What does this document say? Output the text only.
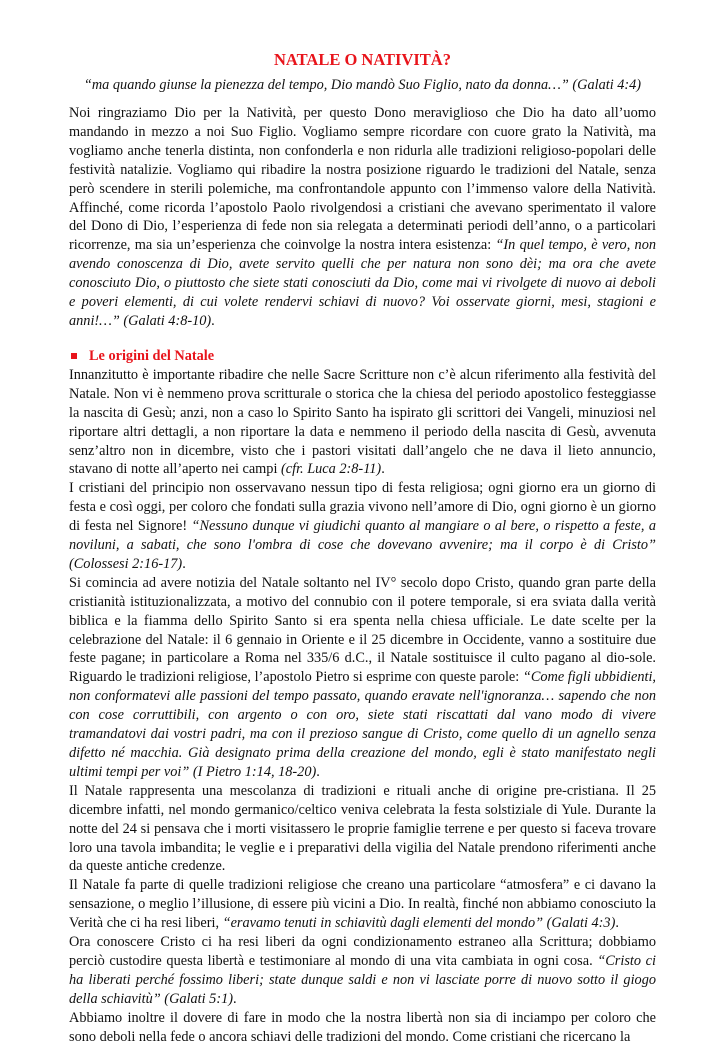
NATALE O NATIVITÀ?
“ma quando giunse la pienezza del tempo, Dio mandò Suo Figlio, nato da donna…” (Galati 4:4)

Noi ringraziamo Dio per la Natività, per questo Dono meraviglioso che Dio ha dato all’uomo mandando in mezzo a noi Suo Figlio. Vogliamo sempre ricordare con cuore grato la Natività, ma vogliamo anche tenerla distinta, non confonderla e non ridurla alle tradizioni religioso-popolari delle festività natalizie. Vogliamo qui ribadire la nostra posizione riguardo le tradizioni del Natale, senza però scendere in sterili polemiche, ma confrontandole appunto con l’immenso valore della Natività. Affinché, come ricorda l’apostolo Paolo rivolgendosi a cristiani che avevano sperimentato il valore del Dono di Dio, l’esperienza di fede non sia relegata a determinati periodi dell’anno, o a particolari ricorrenze, ma sia un’esperienza che coinvolge la nostra intera esistenza: “In quel tempo, è vero, non avendo conoscenza di Dio, avete servito quelli che per natura non sono dèi; ma ora che avete conosciuto Dio, o piuttosto che siete stati conosciuti da Dio, come mai vi rivolgete di nuovo ai deboli e poveri elementi, di cui volete rendervi schiavi di nuovo? Voi osservate giorni, mesi, stagioni e anni!…” (Galati 4:8-10).

Le origini del Natale

Innanzitutto è importante ribadire che nelle Sacre Scritture non c’è alcun riferimento alla festività del Natale. Non vi è nemmeno prova scritturale o storica che la chiesa del periodo apostolico festeggiasse la nascita di Gesù; anzi, non a caso lo Spirito Santo ha ispirato gli scrittori dei Vangeli, minuziosi nel riportare altri dettagli, a non riportare la data e nemmeno il periodo della nascita di Gesù, avvenuta senz’altro non in dicembre, visto che i pastori visitati dall’angelo che ne dava il lieto annuncio, stavano di notte all’aperto nei campi (cfr. Luca 2:8-11).

I cristiani del principio non osservavano nessun tipo di festa religiosa; ogni giorno era un giorno di festa e così oggi, per coloro che fondati sulla grazia vivono nell’amore di Dio, ogni giorno è un giorno di festa nel Signore! “Nessuno dunque vi giudichi quanto al mangiare o al bere, o rispetto a feste, a noviluni, a sabati, che sono l'ombra di cose che dovevano avvenire; ma il corpo è di Cristo” (Colossesi 2:16-17).

Si comincia ad avere notizia del Natale soltanto nel IV° secolo dopo Cristo, quando gran parte della cristianità istituzionalizzata, a motivo del connubio con il potere temporale, si era sviata dalla verità biblica e la fiamma dello Spirito Santo si era spenta nella chiesa ufficiale. Le date scelte per la celebrazione del Natale: il 6 gennaio in Oriente e il 25 dicembre in Occidente, vanno a sostituire due feste pagane; in particolare a Roma nel 335/6 d.C., il Natale sostituisce il culto pagano al dio-sole. Riguardo le tradizioni religiose, l’apostolo Pietro si esprime con queste parole: “Come figli ubbidienti, non conformatevi alle passioni del tempo passato, quando eravate nell'ignoranza… sapendo che non con cose corruttibili, con argento o con oro, siete stati riscattati dal vano modo di vivere tramandatovi dai vostri padri, ma con il prezioso sangue di Cristo, come quello di un agnello senza difetto né macchia. Già designato prima della creazione del mondo, egli è stato manifestato negli ultimi tempi per voi” (I Pietro 1:14, 18-20).

Il Natale rappresenta una mescolanza di tradizioni e rituali anche di origine pre-cristiana. Il 25 dicembre infatti, nel mondo germanico/celtico veniva celebrata la festa solstiziale di Yule. Durante la notte del 24 si pensava che i morti visitassero le proprie famiglie terrene e per questo si faceva trovare loro una tavola imbandita; le veglie e i preparativi della vigilia del Natale prendono riferimenti anche da queste antiche credenze.

Il Natale fa parte di quelle tradizioni religiose che creano una particolare “atmosfera” e ci davano la sensazione, o meglio l’illusione, di essere più vicini a Dio. In realtà, finché non abbiamo conosciuto la Verità che ci ha resi liberi, “eravamo tenuti in schiavitù dagli elementi del mondo” (Galati 4:3).

Ora conoscere Cristo ci ha resi liberi da ogni condizionamento estraneo alla Scrittura; dobbiamo perciò custodire questa libertà e testimoniare al mondo di una vita cambiata in ogni cosa. “Cristo ci ha liberati perché fossimo liberi; state dunque saldi e non vi lasciate porre di nuovo sotto il giogo della schiavitù” (Galati 5:1).

Abbiamo inoltre il dovere di fare in modo che la nostra libertà non sia di inciampo per coloro che sono deboli nella fede o ancora schiavi delle tradizioni del mondo. Come cristiani che ricercano la
